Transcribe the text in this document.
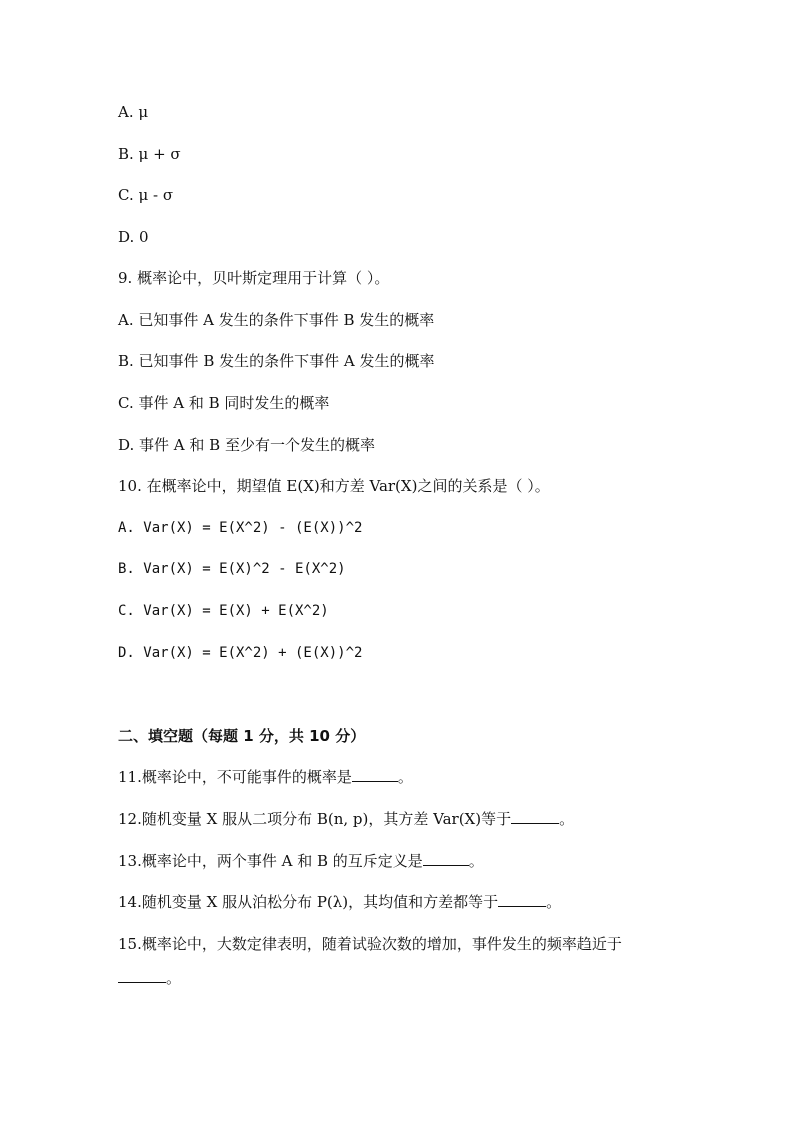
A. μ
B. μ + σ
C. μ - σ
D. 0
9. 概率论中，贝叶斯定理用于计算（ ）。
A. 已知事件 A 发生的条件下事件 B 发生的概率
B. 已知事件 B 发生的条件下事件 A 发生的概率
C. 事件 A 和 B 同时发生的概率
D. 事件 A 和 B 至少有一个发生的概率
10. 在概率论中，期望值 E(X)和方差 Var(X)之间的关系是（ ）。
A. Var(X) = E(X^2) - (E(X))^2
B. Var(X) = E(X)^2 - E(X^2)
C. Var(X) = E(X) + E(X^2)
D. Var(X) = E(X^2) + (E(X))^2
二、填空题（每题 1 分，共 10 分）
11.概率论中，不可能事件的概率是	。
12.随机变量 X 服从二项分布 B(n, p)，其方差 Var(X)等于	。
13.概率论中，两个事件 A 和 B 的互斥定义是	。
14.随机变量 X 服从泊松分布 P(λ)，其均值和方差都等于	。
15.概率论中，大数定律表明，随着试验次数的增加，事件发生的频率趋近于
。
